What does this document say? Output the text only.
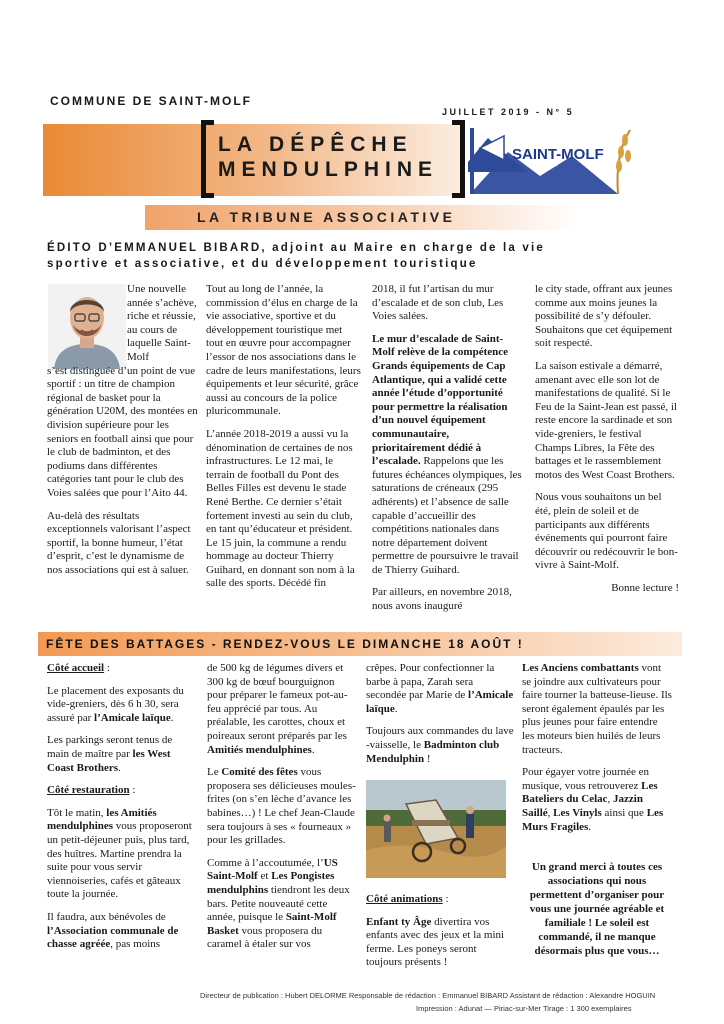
COMMUNE DE SAINT-MOLF
JUILLET 2019 - N° 5
LA DÉPÊCHE
MENDULPHINE
SAINT-MOLF
LA TRIBUNE ASSOCIATIVE
ÉDITO D’EMMANUEL BIBARD, adjoint au Maire en charge de la vie
sportive et associative, et du développement touristique

Une nouvelle année s’achève, riche et réussie, au cours de laquelle Saint-Molf

s’est distinguée d’un point de vue sportif : un titre de champion régional de basket pour la génération U20M, des montées en division supérieure pour les seniors en football ainsi que pour le club de badminton, et des podiums dans différentes catégories tant pour le club des Voies salées que pour l’Aito 44.

Au-delà des résultats exceptionnels valorisant l’aspect sportif, la bonne humeur, l’état d’esprit, c’est le dynamisme de nos associations qui est à saluer.

Tout au long de l’année, la commission d’élus en charge de la vie associative, sportive et du développement touristique met tout en œuvre pour accompagner l’essor de nos associations dans le cadre de leurs manifestations, leurs équipements et leur sécurité, grâce aussi au concours de la police pluricommunale.

L’année 2018-2019 a aussi vu la dénomination de certaines de nos infrastructures. Le 12 mai, le terrain de football du Pont des Belles Filles est devenu le stade René Berthe. Ce dernier s’était fortement investi au sein du club, en tant qu’éducateur et président. Le 15 juin, la commune a rendu hommage au docteur Thierry Guihard, en donnant son nom à la salle des sports. Décédé fin

2018, il fut l’artisan du mur d’escalade et de son club, Les Voies salées.

Le mur d’escalade de Saint-Molf relève de la compétence Grands équipements de Cap Atlantique, qui a validé cette année l’étude d’opportunité pour permettre la réalisation d’un nouvel équipement communautaire, prioritairement dédié à l’escalade. Rappelons que les futures échéances olympiques, les saturations de créneaux (295 adhérents) et l’absence de salle capable d’accueillir des compétitions nationales dans notre département doivent permettre de poursuivre le travail de Thierry Guihard.

Par ailleurs, en novembre 2018, nous avons inauguré

le city stade, offrant aux jeunes comme aux moins jeunes la possibilité de s’y défouler. Souhaitons que cet équipement soit respecté.

La saison estivale a démarré, amenant avec elle son lot de manifestations de qualité. Si le Feu de la Saint-Jean est passé, il reste encore la sardinade et son vide-greniers, le festival Champs Libres, la Fête des battages et le rassemblement motos des West Coast Brothers.

Nous vous souhaitons un bel été, plein de soleil et de participants aux différents événements qui pourront faire découvrir ou redécouvrir le bon-vivre à Saint-Molf.

Bonne lecture !

FÊTE DES BATTAGES - RENDEZ-VOUS LE DIMANCHE 18 AOÛT !

Côté accueil :

Le placement des exposants du vide-greniers, dès 6 h 30, sera assuré par l’Amicale laïque.

Les parkings seront tenus de main de maître par les West Coast Brothers.

Côté restauration :

Tôt le matin, les Amitiés mendulphines vous proposeront un petit-déjeuner puis, plus tard, des huîtres. Martine prendra la suite pour vous servir viennoiseries, cafés et gâteaux toute la journée.

Il faudra, aux bénévoles de l’Association communale de chasse agréée, pas moins

de 500 kg de légumes divers et 300 kg de bœuf bourguignon pour préparer le fameux pot-au-feu apprécié par tous. Au préalable, les carottes, choux et poireaux seront préparés par les Amitiés mendulphines.

Le Comité des fêtes vous proposera ses délicieuses moules-frites (on s’en lèche d’avance les babines…) ! Le chef Jean-Claude sera toujours à ses « fourneaux » pour les grillades.

Comme à l’accoutumée, l’US Saint-Molf et Les Pongistes mendulphins tiendront les deux bars. Petite nouveauté cette année, puisque le Saint-Molf Basket vous proposera du caramel à étaler sur vos

crêpes. Pour confectionner la barbe à papa, Zarah sera secondée par Marie de l’Amicale laïque.

Toujours aux commandes du lave -vaisselle, le Badminton club Mendulphin !

Côté animations :

Enfant ty Âge divertira vos enfants avec des jeux et la mini ferme. Les poneys seront toujours présents !

Les Anciens combattants vont se joindre aux cultivateurs pour faire tourner la batteuse-lieuse. Ils seront également épaulés par les plus jeunes pour faire entendre les moteurs bien huilés de leurs tracteurs.

Pour égayer votre journée en musique, vous retrouverez Les Bateliers du Celac, Jazzin Saillé, Les Vinyls ainsi que Les Murs Fragiles.

Un grand merci à toutes ces associations qui nous permettent d’organiser pour vous une journée agréable et familiale ! Le soleil est commandé, il ne manque désormais plus que vous…
Directeur de publication : Hubert DELORME Responsable de rédaction : Emmanuel BIBARD Assistant de rédaction : Alexandre HOGUIN
Impression : Adunat — Piriac-sur-Mer Tirage : 1 300 exemplaires
